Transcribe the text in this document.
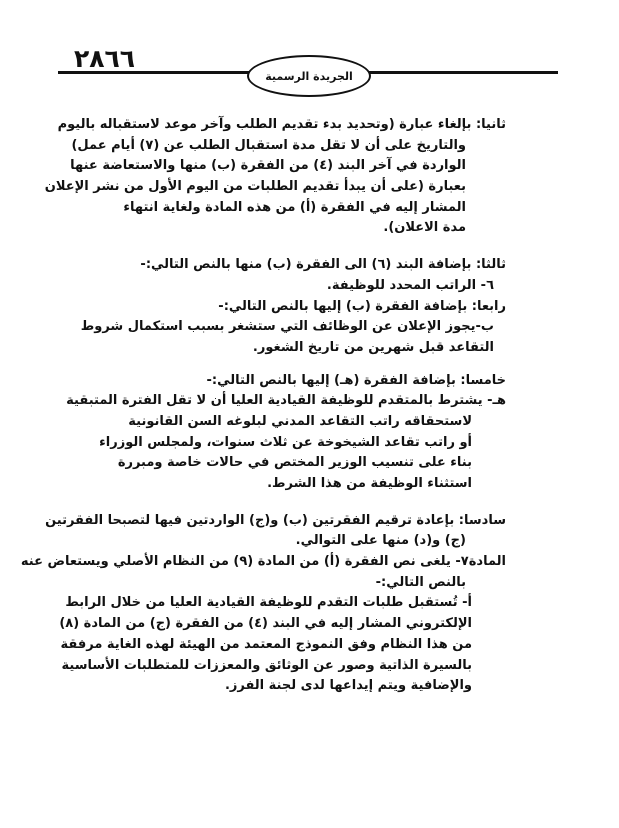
٢٨٦٦
الجريدة الرسمية
ثانيا: بإلغاء عبارة (وتحديد بدء تقديم الطلب وآخر موعد لاستقباله باليوم
والتاريخ على أن لا تقل مدة استقبال الطلب عن (٧) أيام عمل)
الواردة في آخر البند (٤) من الفقرة (ب) منها والاستعاضة عنها
بعبارة (على أن يبدأ تقديم الطلبات من اليوم الأول من نشر الإعلان
المشار إليه في الفقرة (أ) من هذه المادة ولغاية انتهاء
مدة الاعلان).
ثالثا: بإضافة البند (٦) الى الفقرة (ب) منها بالنص التالي:-
٦- الراتب المحدد للوظيفة.
رابعا: بإضافة الفقرة (ب) إليها بالنص التالي:-
ب-يجوز الإعلان عن الوظائف التي ستشغر بسبب استكمال شروط
التقاعد قبل شهرين من تاريخ الشغور.
خامسا: بإضافة الفقرة (هـ) إليها بالنص التالي:-
هـ- يشترط بالمتقدم للوظيفة القيادية العليا أن لا تقل الفترة المتبقية
لاستحقاقه راتب التقاعد المدني لبلوغه السن القانونية
أو راتب تقاعد الشيخوخة عن ثلاث سنوات، ولمجلس الوزراء
بناء على تنسيب الوزير المختص في حالات خاصة ومبررة
استثناء الوظيفة من هذا الشرط.
سادسا: بإعادة ترقيم الفقرتين (ب) و(ج) الواردتين فيها لتصبحا الفقرتين
(ج) و(د) منها على التوالي.
المادة٧- يلغى نص الفقرة (أ) من المادة (٩) من النظام الأصلي ويستعاض عنه
بالنص التالي:-
أ- تُستقبل طلبات التقدم للوظيفة القيادية العليا من خلال الرابط
الإلكتروني المشار إليه في البند (٤) من الفقرة (ج) من المادة (٨)
من هذا النظام وفق النموذج المعتمد من الهيئة لهذه الغاية مرفقة
بالسيرة الذاتية وصور عن الوثائق والمعززات للمتطلبات الأساسية
والإضافية ويتم إيداعها لدى لجنة الفرز.
